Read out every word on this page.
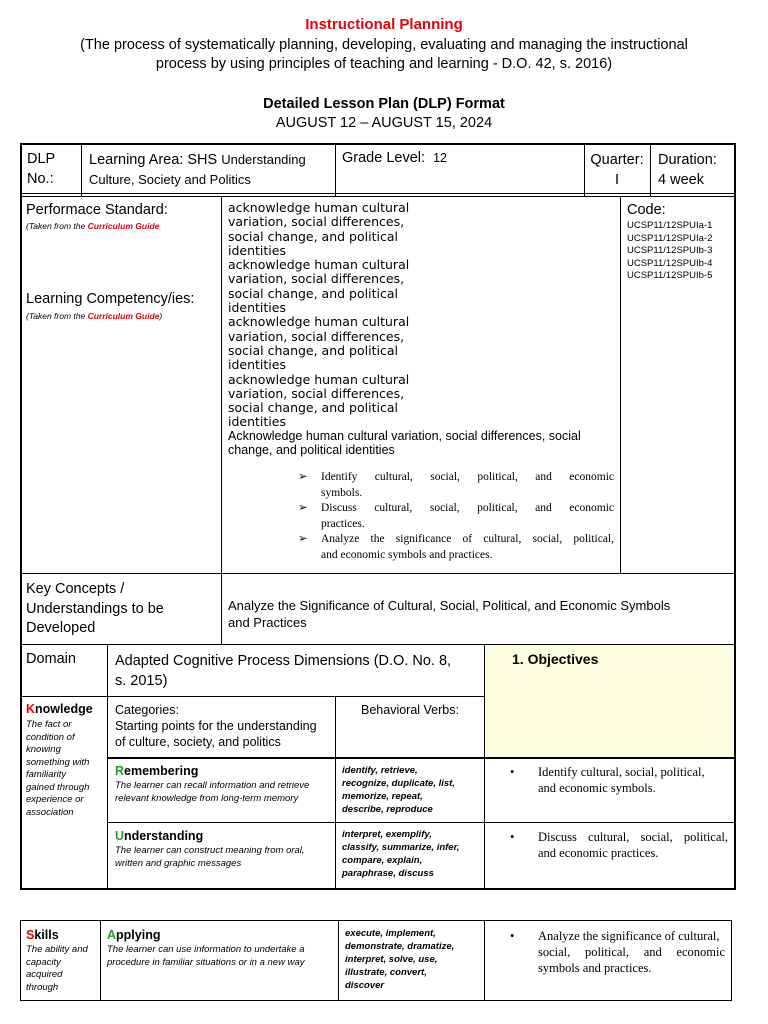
Instructional Planning
(The process of systematically planning, developing, evaluating and managing the instructional
process by using principles of teaching and learning - D.O. 42, s. 2016)
Detailed Lesson Plan (DLP) Format
AUGUST 12 – AUGUST 15, 2024
DLP
No.:
Learning Area: SHS Understanding
Culture, Society and Politics
Grade Level: 12	Quarter:
I
Duration:
4 week
Performace Standard:
(Taken from the Curriculum Guide
Learning Competency/ies:
(Taken from the Curriculum Guide)
acknowledge human cultural
variation, social differences,
social change, and political
identities
acknowledge human cultural
variation, social differences,
social change, and political
identities
acknowledge human cultural
variation, social differences,
social change, and political
identities
acknowledge human cultural
variation, social differences,
social change, and political
identities
Acknowledge human cultural variation, social differences, social
change, and political identities
➢ Identify cultural, social, political, and economic
symbols.
➢ Discuss cultural, social, political, and economic
practices.
➢ Analyze the significance of cultural, social, political,
and economic symbols and practices.
Code:
UCSP11/12SPUIa-1
UCSP11/12SPUIa-2
UCSP11/12SPUIb-3
UCSP11/12SPUIb-4
UCSP11/12SPUIb-5
Key Concepts /
Understandings to be
Developed
Analyze the Significance of Cultural, Social, Political, and Economic Symbols
and Practices
Domain	Adapted Cognitive Process Dimensions (D.O. No. 8,
s. 2015)
1. Objectives
Knowledge
The fact or
condition of
knowing
something with
familiarity
gained through
experience or
association
Categories:
Starting points for the understanding
of culture, society, and politics
Behavioral Verbs:
Remembering
The learner can recall information and retrieve
relevant knowledge from long-term memory
identify, retrieve,
recognize, duplicate, list,
memorize, repeat,
describe, reproduce
• Identify cultural, social, political,
and economic symbols.
Understanding
The learner can construct meaning from oral,
written and graphic messages
interpret, exemplify,
classify, summarize, infer,
compare, explain,
paraphrase, discuss
• Discuss cultural, social, political,
and economic practices.
Skills
The ability and
capacity
acquired
through
Applying
The learner can use information to undertake a
procedure in familiar situations or in a new way
execute, implement,
demonstrate, dramatize,
interpret, solve, use,
illustrate, convert,
discover
• Analyze the significance of cultural,
social, political, and economic
symbols and practices.
